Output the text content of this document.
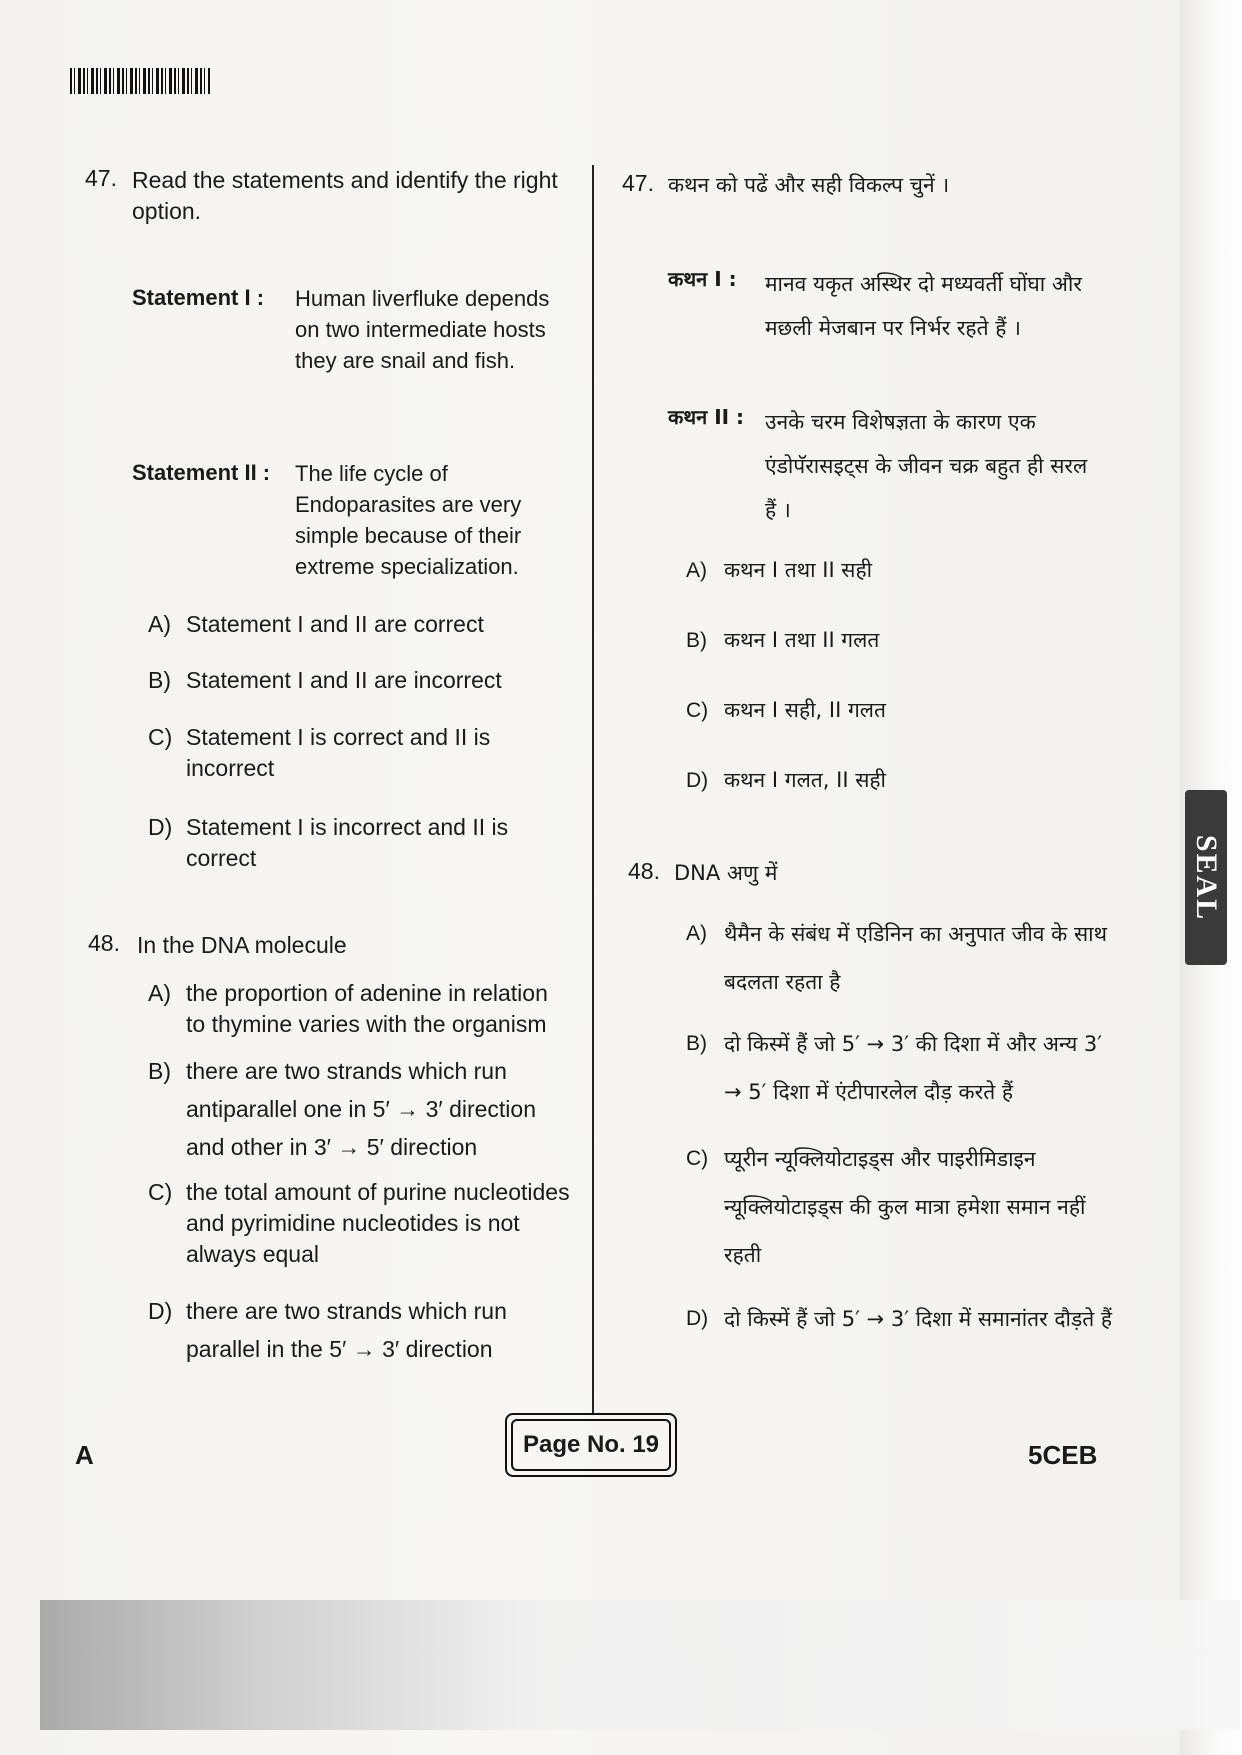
SEAL
47. Read the statements and identify the right option.
Statement I : Human liverfluke depends on two intermediate hosts they are snail and fish.
Statement II : The life cycle of Endoparasites are very simple because of their extreme specialization.
A) Statement I and II are correct
B) Statement I and II are incorrect
C) Statement I is correct and II is incorrect
D) Statement I is incorrect and II is correct
48. In the DNA molecule
A) the proportion of adenine in relation to thymine varies with the organism
B) there are two strands which run antiparallel one in 5′ → 3′ direction and other in 3′ → 5′ direction
C) the total amount of purine nucleotides and pyrimidine nucleotides is not always equal
D) there are two strands which run parallel in the 5′ → 3′ direction
47. कथन को पढें और सही विकल्प चुनें ।
कथन I : मानव यकृत अस्थिर दो मध्यवर्ती घोंघा और मछली मेजबान पर निर्भर रहते हैं ।
कथन II : उनके चरम विशेषज्ञता के कारण एक एंडोपॅरासइट्स के जीवन चक्र बहुत ही सरल हैं ।
A) कथन I तथा II सही
B) कथन I तथा II गलत
C) कथन I सही, II गलत
D) कथन I गलत, II सही
48. DNA अणु में
A) थैमैन के संबंध में एडिनिन का अनुपात जीव के साथ बदलता रहता है
B) दो किस्में हैं जो 5′ → 3′ की दिशा में और अन्य 3′ → 5′ दिशा में एंटीपारलेल दौड़ करते हैं
C) प्यूरीन न्यूक्लियोटाइड्स और पाइरीमिडाइन न्यूक्लियोटाइड्स की कुल मात्रा हमेशा समान नहीं रहती
D) दो किस्में हैं जो 5′ → 3′ दिशा में समानांतर दौड़ते हैं
A	Page No. 19	5CEB
